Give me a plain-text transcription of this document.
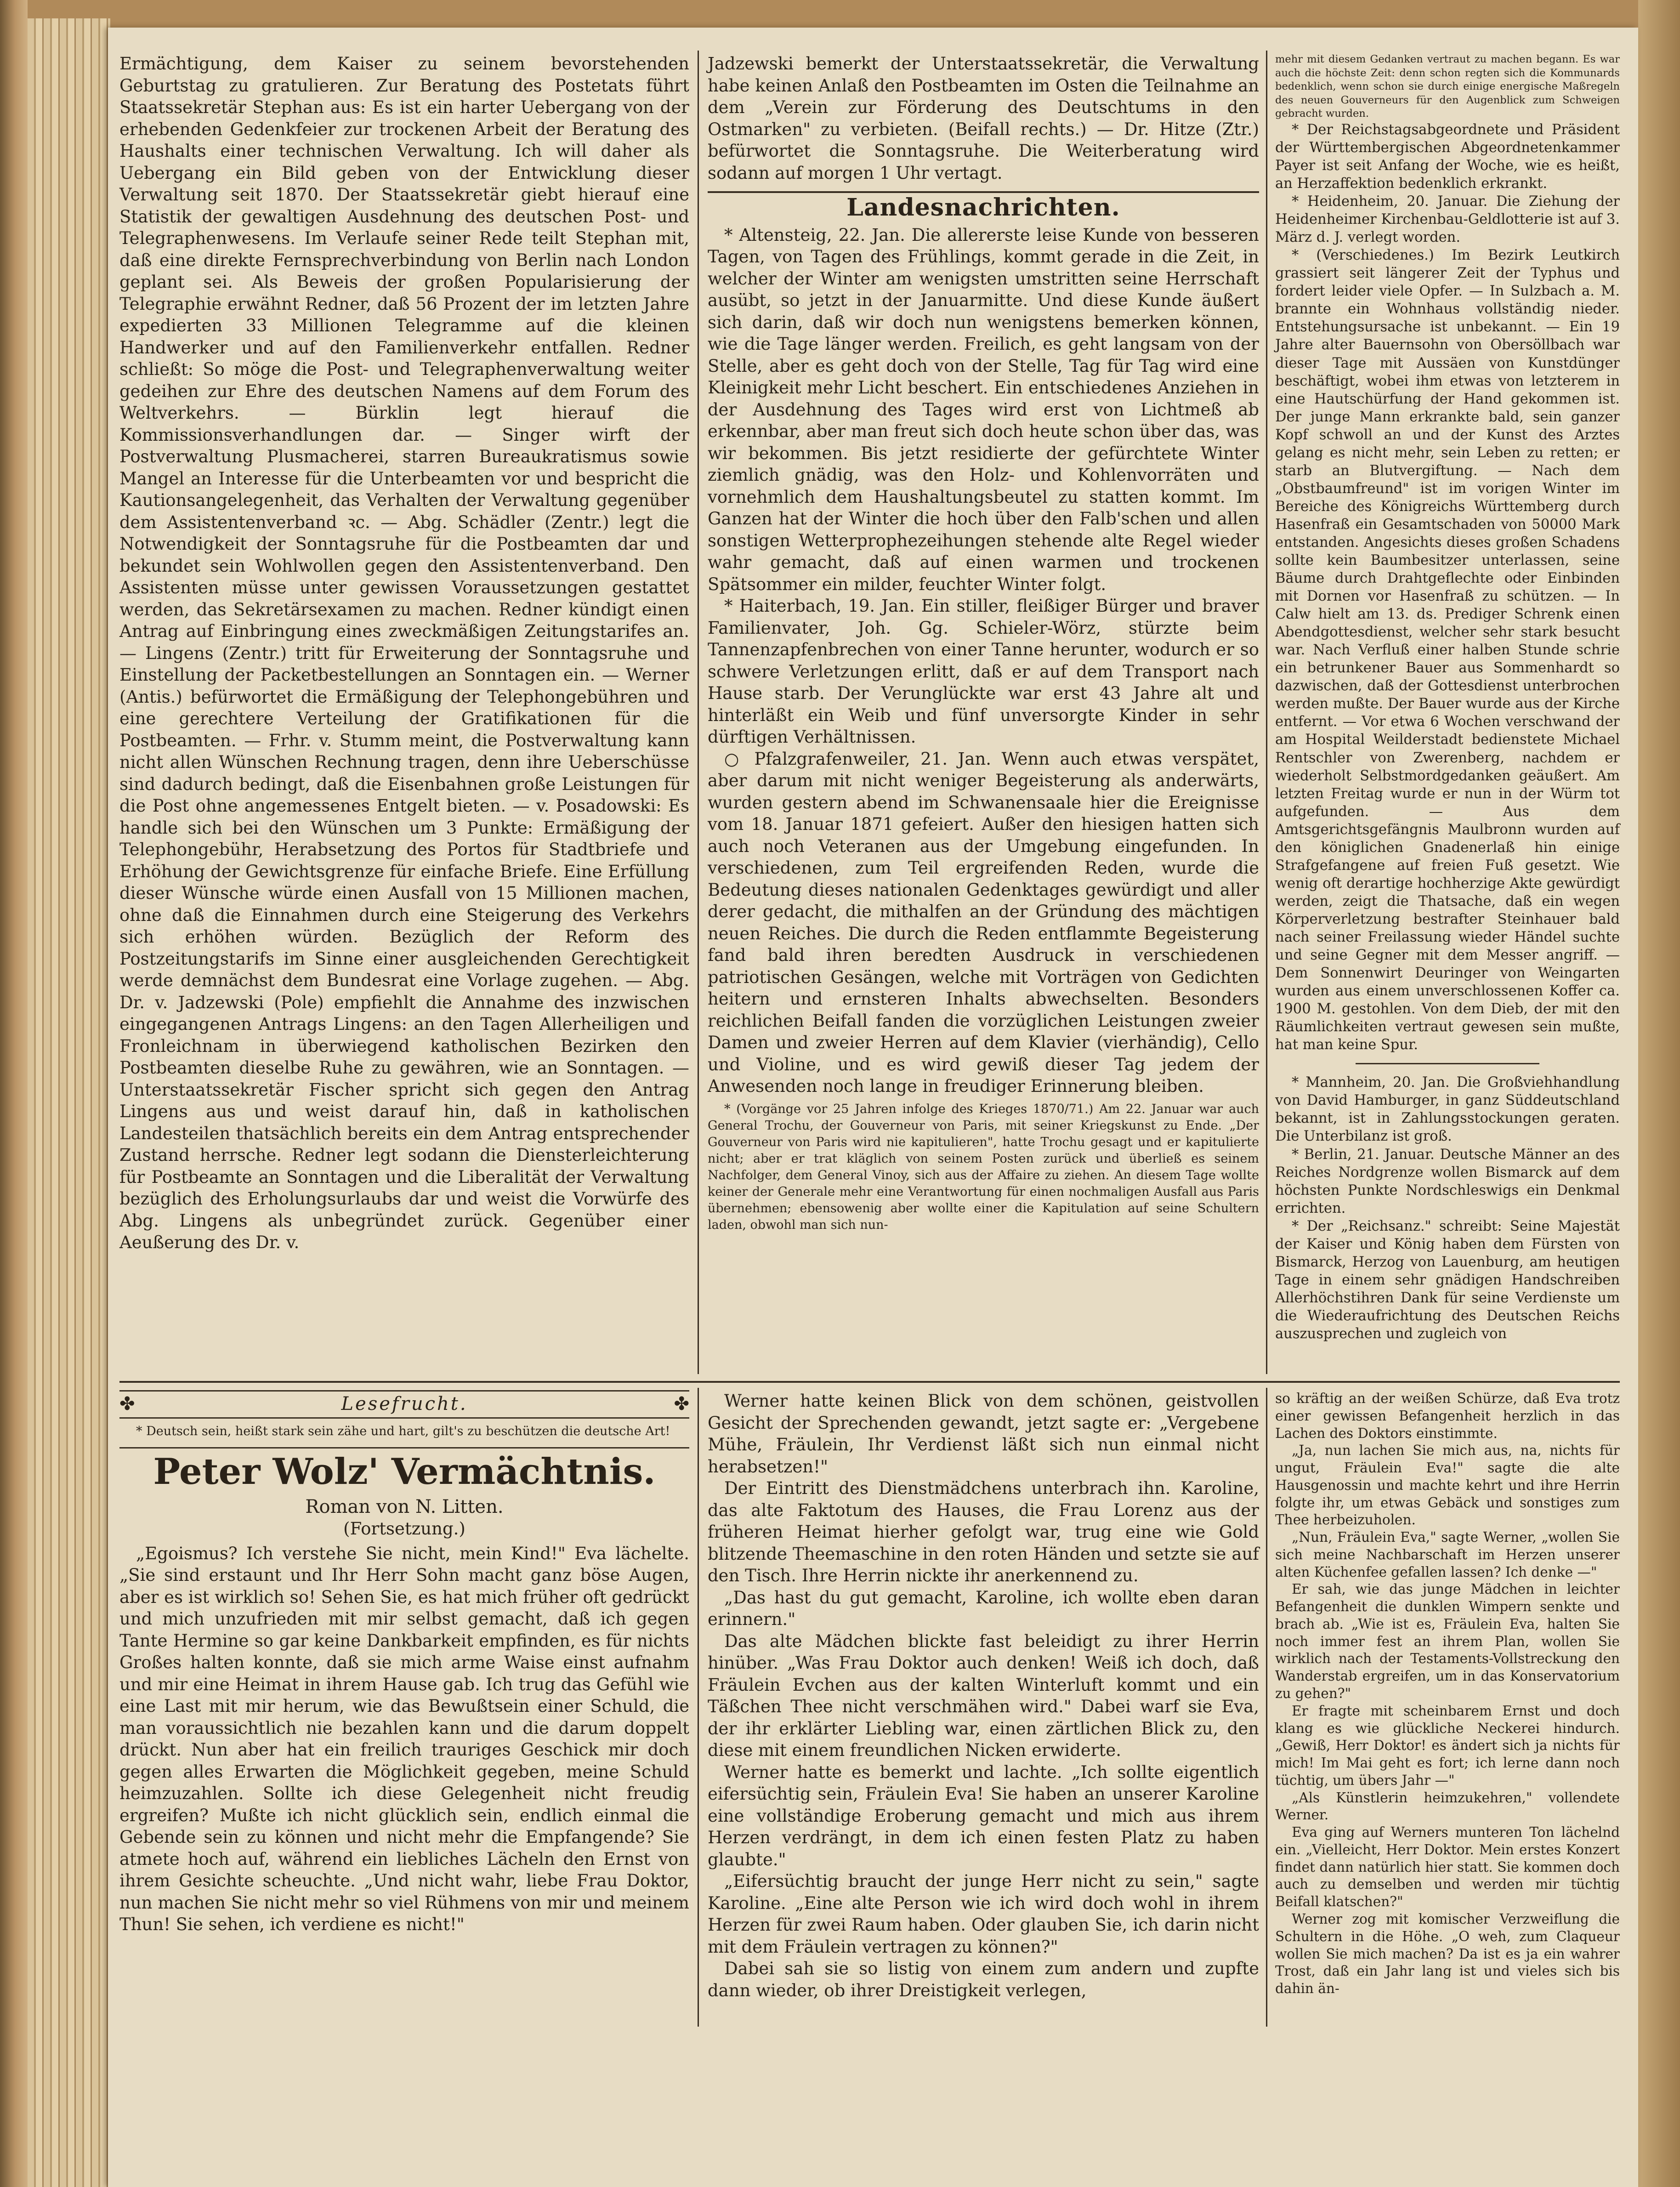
Ermächtigung, dem Kaiser zu seinem bevorstehenden Geburtstag zu gratulieren. Zur Beratung des Postetats führt Staatssekretär Stephan aus: Es ist ein harter Uebergang von der erhebenden Gedenkfeier zur trockenen Arbeit der Beratung des Haushalts einer technischen Verwaltung. Ich will daher als Uebergang ein Bild geben von der Entwicklung dieser Verwaltung seit 1870. Der Staatssekretär giebt hierauf eine Statistik der gewaltigen Ausdehnung des deutschen Post- und Telegraphenwesens. Im Verlaufe seiner Rede teilt Stephan mit, daß eine direkte Fernsprechverbindung von Berlin nach London geplant sei. Als Beweis der großen Popularisierung der Telegraphie erwähnt Redner, daß 56 Prozent der im letzten Jahre expedierten 33 Millionen Telegramme auf die kleinen Handwerker und auf den Familienverkehr entfallen. Redner schließt: So möge die Post- und Telegraphenverwaltung weiter gedeihen zur Ehre des deutschen Namens auf dem Forum des Weltverkehrs. — Bürklin legt hierauf die Kommissionsverhandlungen dar. — Singer wirft der Postverwaltung Plusmacherei, starren Bureaukratismus sowie Mangel an Interesse für die Unterbeamten vor und bespricht die Kautionsangelegenheit, das Verhalten der Verwaltung gegenüber dem Assistentenverband ꝛc. — Abg. Schädler (Zentr.) legt die Notwendigkeit der Sonntagsruhe für die Postbeamten dar und bekundet sein Wohlwollen gegen den Assistentenverband. Den Assistenten müsse unter gewissen Voraussetzungen gestattet werden, das Sekretärsexamen zu machen. Redner kündigt einen Antrag auf Einbringung eines zweckmäßigen Zeitungstarifes an. — Lingens (Zentr.) tritt für Erweiterung der Sonntagsruhe und Einstellung der Packetbestellungen an Sonntagen ein. — Werner (Antis.) befürwortet die Ermäßigung der Telephongebühren und eine gerechtere Verteilung der Gratifikationen für die Postbeamten. — Frhr. v. Stumm meint, die Postverwaltung kann nicht allen Wünschen Rechnung tragen, denn ihre Ueberschüsse sind dadurch bedingt, daß die Eisenbahnen große Leistungen für die Post ohne angemessenes Entgelt bieten. — v. Posadowski: Es handle sich bei den Wünschen um 3 Punkte: Ermäßigung der Telephongebühr, Herabsetzung des Portos für Stadtbriefe und Erhöhung der Gewichtsgrenze für einfache Briefe. Eine Erfüllung dieser Wünsche würde einen Ausfall von 15 Millionen machen, ohne daß die Einnahmen durch eine Steigerung des Verkehrs sich erhöhen würden. Bezüglich der Reform des Postzeitungstarifs im Sinne einer ausgleichenden Gerechtigkeit werde demnächst dem Bundesrat eine Vorlage zugehen. — Abg. Dr. v. Jadzewski (Pole) empfiehlt die Annahme des inzwischen eingegangenen Antrags Lingens: an den Tagen Allerheiligen und Fronleichnam in überwiegend katholischen Bezirken den Postbeamten dieselbe Ruhe zu gewähren, wie an Sonntagen. — Unterstaatssekretär Fischer spricht sich gegen den Antrag Lingens aus und weist darauf hin, daß in katholischen Landesteilen thatsächlich bereits ein dem Antrag entsprechender Zustand herrsche. Redner legt sodann die Diensterleichterung für Postbeamte an Sonntagen und die Liberalität der Verwaltung bezüglich des Erholungsurlaubs dar und weist die Vorwürfe des Abg. Lingens als unbegründet zurück. Gegenüber einer Aeußerung des Dr. v.

Jadzewski bemerkt der Unterstaatssekretär, die Verwaltung habe keinen Anlaß den Postbeamten im Osten die Teilnahme an dem „Verein zur Förderung des Deutschtums in den Ostmarken" zu verbieten. (Beifall rechts.) — Dr. Hitze (Ztr.) befürwortet die Sonntagsruhe. Die Weiterberatung wird sodann auf morgen 1 Uhr vertagt.

Landesnachrichten.

* Altensteig, 22. Jan. Die allererste leise Kunde von besseren Tagen, von Tagen des Frühlings, kommt gerade in die Zeit, in welcher der Winter am wenigsten umstritten seine Herrschaft ausübt, so jetzt in der Januarmitte. Und diese Kunde äußert sich darin, daß wir doch nun wenigstens bemerken können, wie die Tage länger werden. Freilich, es geht langsam von der Stelle, aber es geht doch von der Stelle, Tag für Tag wird eine Kleinigkeit mehr Licht beschert. Ein entschiedenes Anziehen in der Ausdehnung des Tages wird erst von Lichtmeß ab erkennbar, aber man freut sich doch heute schon über das, was wir bekommen. Bis jetzt residierte der gefürchtete Winter ziemlich gnädig, was den Holz- und Kohlenvorräten und vornehmlich dem Haushaltungsbeutel zu statten kommt. Im Ganzen hat der Winter die hoch über den Falb'schen und allen sonstigen Wetterprophezeihungen stehende alte Regel wieder wahr gemacht, daß auf einen warmen und trockenen Spätsommer ein milder, feuchter Winter folgt.

* Haiterbach, 19. Jan. Ein stiller, fleißiger Bürger und braver Familienvater, Joh. Gg. Schieler-Wörz, stürzte beim Tannenzapfenbrechen von einer Tanne herunter, wodurch er so schwere Verletzungen erlitt, daß er auf dem Transport nach Hause starb. Der Verunglückte war erst 43 Jahre alt und hinterläßt ein Weib und fünf unversorgte Kinder in sehr dürftigen Verhältnissen.

○ Pfalzgrafenweiler, 21. Jan. Wenn auch etwas verspätet, aber darum mit nicht weniger Begeisterung als anderwärts, wurden gestern abend im Schwanensaale hier die Ereignisse vom 18. Januar 1871 gefeiert. Außer den hiesigen hatten sich auch noch Veteranen aus der Umgebung eingefunden. In verschiedenen, zum Teil ergreifenden Reden, wurde die Bedeutung dieses nationalen Gedenktages gewürdigt und aller derer gedacht, die mithalfen an der Gründung des mächtigen neuen Reiches. Die durch die Reden entflammte Begeisterung fand bald ihren beredten Ausdruck in verschiedenen patriotischen Gesängen, welche mit Vorträgen von Gedichten heitern und ernsteren Inhalts abwechselten. Besonders reichlichen Beifall fanden die vorzüglichen Leistungen zweier Damen und zweier Herren auf dem Klavier (vierhändig), Cello und Violine, und es wird gewiß dieser Tag jedem der Anwesenden noch lange in freudiger Erinnerung bleiben.

* (Vorgänge vor 25 Jahren infolge des Krieges 1870/71.) Am 22. Januar war auch General Trochu, der Gouverneur von Paris, mit seiner Kriegskunst zu Ende. „Der Gouverneur von Paris wird nie kapitulieren", hatte Trochu gesagt und er kapitulierte nicht; aber er trat kläglich von seinem Posten zurück und überließ es seinem Nachfolger, dem General Vinoy, sich aus der Affaire zu ziehen. An diesem Tage wollte keiner der Generale mehr eine Verantwortung für einen nochmaligen Ausfall aus Paris übernehmen; ebensowenig aber wollte einer die Kapitulation auf seine Schultern laden, obwohl man sich nun-

mehr mit diesem Gedanken vertraut zu machen begann. Es war auch die höchste Zeit: denn schon regten sich die Kommunards bedenklich, wenn schon sie durch einige energische Maßregeln des neuen Gouverneurs für den Augenblick zum Schweigen gebracht wurden.

* Der Reichstagsabgeordnete und Präsident der Württembergischen Abgeordnetenkammer Payer ist seit Anfang der Woche, wie es heißt, an Herzaffektion bedenklich erkrankt.

* Heidenheim, 20. Januar. Die Ziehung der Heidenheimer Kirchenbau-Geldlotterie ist auf 3. März d. J. verlegt worden.

* (Verschiedenes.) Im Bezirk Leutkirch grassiert seit längerer Zeit der Typhus und fordert leider viele Opfer. — In Sulzbach a. M. brannte ein Wohnhaus vollständig nieder. Entstehungsursache ist unbekannt. — Ein 19 Jahre alter Bauernsohn von Obersöllbach war dieser Tage mit Aussäen von Kunstdünger beschäftigt, wobei ihm etwas von letzterem in eine Hautschürfung der Hand gekommen ist. Der junge Mann erkrankte bald, sein ganzer Kopf schwoll an und der Kunst des Arztes gelang es nicht mehr, sein Leben zu retten; er starb an Blutvergiftung. — Nach dem „Obstbaumfreund" ist im vorigen Winter im Bereiche des Königreichs Württemberg durch Hasenfraß ein Gesamtschaden von 50000 Mark entstanden. Angesichts dieses großen Schadens sollte kein Baumbesitzer unterlassen, seine Bäume durch Drahtgeflechte oder Einbinden mit Dornen vor Hasenfraß zu schützen. — In Calw hielt am 13. ds. Prediger Schrenk einen Abendgottesdienst, welcher sehr stark besucht war. Nach Verfluß einer halben Stunde schrie ein betrunkener Bauer aus Sommenhardt so dazwischen, daß der Gottesdienst unterbrochen werden mußte. Der Bauer wurde aus der Kirche entfernt. — Vor etwa 6 Wochen verschwand der am Hospital Weilderstadt bedienstete Michael Rentschler von Zwerenberg, nachdem er wiederholt Selbstmordgedanken geäußert. Am letzten Freitag wurde er nun in der Würm tot aufgefunden. — Aus dem Amtsgerichtsgefängnis Maulbronn wurden auf den königlichen Gnadenerlaß hin einige Strafgefangene auf freien Fuß gesetzt. Wie wenig oft derartige hochherzige Akte gewürdigt werden, zeigt die Thatsache, daß ein wegen Körperverletzung bestrafter Steinhauer bald nach seiner Freilassung wieder Händel suchte und seine Gegner mit dem Messer angriff. — Dem Sonnenwirt Deuringer von Weingarten wurden aus einem unverschlossenen Koffer ca. 1900 M. gestohlen. Von dem Dieb, der mit den Räumlichkeiten vertraut gewesen sein mußte, hat man keine Spur.

* Mannheim, 20. Jan. Die Großviehhandlung von David Hamburger, in ganz Süddeutschland bekannt, ist in Zahlungsstockungen geraten. Die Unterbilanz ist groß.

* Berlin, 21. Januar. Deutsche Männer an des Reiches Nordgrenze wollen Bismarck auf dem höchsten Punkte Nordschleswigs ein Denkmal errichten.

* Der „Reichsanz." schreibt: Seine Majestät der Kaiser und König haben dem Fürsten von Bismarck, Herzog von Lauenburg, am heutigen Tage in einem sehr gnädigen Handschreiben Allerhöchstihren Dank für seine Verdienste um die Wiederaufrichtung des Deutschen Reichs auszusprechen und zugleich von

✤	Lesefrucht.	✤

* Deutsch sein, heißt stark sein zähe und hart, gilt's zu beschützen die deutsche Art!

Peter Wolz' Vermächtnis.
Roman von N. Litten.
(Fortsetzung.)

„Egoismus? Ich verstehe Sie nicht, mein Kind!" Eva lächelte. „Sie sind erstaunt und Ihr Herr Sohn macht ganz böse Augen, aber es ist wirklich so! Sehen Sie, es hat mich früher oft gedrückt und mich unzufrieden mit mir selbst gemacht, daß ich gegen Tante Hermine so gar keine Dankbarkeit empfinden, es für nichts Großes halten konnte, daß sie mich arme Waise einst aufnahm und mir eine Heimat in ihrem Hause gab. Ich trug das Gefühl wie eine Last mit mir herum, wie das Bewußtsein einer Schuld, die man voraussichtlich nie bezahlen kann und die darum doppelt drückt. Nun aber hat ein freilich trauriges Geschick mir doch gegen alles Erwarten die Möglichkeit gegeben, meine Schuld heimzuzahlen. Sollte ich diese Gelegenheit nicht freudig ergreifen? Mußte ich nicht glücklich sein, endlich einmal die Gebende sein zu können und nicht mehr die Empfangende? Sie atmete hoch auf, während ein liebliches Lächeln den Ernst von ihrem Gesichte scheuchte. „Und nicht wahr, liebe Frau Doktor, nun machen Sie nicht mehr so viel Rühmens von mir und meinem Thun! Sie sehen, ich verdiene es nicht!"

Werner hatte keinen Blick von dem schönen, geistvollen Gesicht der Sprechenden gewandt, jetzt sagte er: „Vergebene Mühe, Fräulein, Ihr Verdienst läßt sich nun einmal nicht herabsetzen!"

Der Eintritt des Dienstmädchens unterbrach ihn. Karoline, das alte Faktotum des Hauses, die Frau Lorenz aus der früheren Heimat hierher gefolgt war, trug eine wie Gold blitzende Theemaschine in den roten Händen und setzte sie auf den Tisch. Ihre Herrin nickte ihr anerkennend zu.

„Das hast du gut gemacht, Karoline, ich wollte eben daran erinnern."

Das alte Mädchen blickte fast beleidigt zu ihrer Herrin hinüber. „Was Frau Doktor auch denken! Weiß ich doch, daß Fräulein Evchen aus der kalten Winterluft kommt und ein Täßchen Thee nicht verschmähen wird." Dabei warf sie Eva, der ihr erklärter Liebling war, einen zärtlichen Blick zu, den diese mit einem freundlichen Nicken erwiderte.

Werner hatte es bemerkt und lachte. „Ich sollte eigentlich eifersüchtig sein, Fräulein Eva! Sie haben an unserer Karoline eine vollständige Eroberung gemacht und mich aus ihrem Herzen verdrängt, in dem ich einen festen Platz zu haben glaubte."

„Eifersüchtig braucht der junge Herr nicht zu sein," sagte Karoline. „Eine alte Person wie ich wird doch wohl in ihrem Herzen für zwei Raum haben. Oder glauben Sie, ich darin nicht mit dem Fräulein vertragen zu können?"

Dabei sah sie so listig von einem zum andern und zupfte dann wieder, ob ihrer Dreistigkeit verlegen,

so kräftig an der weißen Schürze, daß Eva trotz einer gewissen Befangenheit herzlich in das Lachen des Doktors einstimmte.

„Ja, nun lachen Sie mich aus, na, nichts für ungut, Fräulein Eva!" sagte die alte Hausgenossin und machte kehrt und ihre Herrin folgte ihr, um etwas Gebäck und sonstiges zum Thee herbeizuholen.

„Nun, Fräulein Eva," sagte Werner, „wollen Sie sich meine Nachbarschaft im Herzen unserer alten Küchenfee gefallen lassen? Ich denke —"

Er sah, wie das junge Mädchen in leichter Befangenheit die dunklen Wimpern senkte und brach ab. „Wie ist es, Fräulein Eva, halten Sie noch immer fest an ihrem Plan, wollen Sie wirklich nach der Testaments-Vollstreckung den Wanderstab ergreifen, um in das Konservatorium zu gehen?"

Er fragte mit scheinbarem Ernst und doch klang es wie glückliche Neckerei hindurch. „Gewiß, Herr Doktor! es ändert sich ja nichts für mich! Im Mai geht es fort; ich lerne dann noch tüchtig, um übers Jahr —"

„Als Künstlerin heimzukehren," vollendete Werner.

Eva ging auf Werners munteren Ton lächelnd ein. „Vielleicht, Herr Doktor. Mein erstes Konzert findet dann natürlich hier statt. Sie kommen doch auch zu demselben und werden mir tüchtig Beifall klatschen?"

Werner zog mit komischer Verzweiflung die Schultern in die Höhe. „O weh, zum Claqueur wollen Sie mich machen? Da ist es ja ein wahrer Trost, daß ein Jahr lang ist und vieles sich bis dahin än-
